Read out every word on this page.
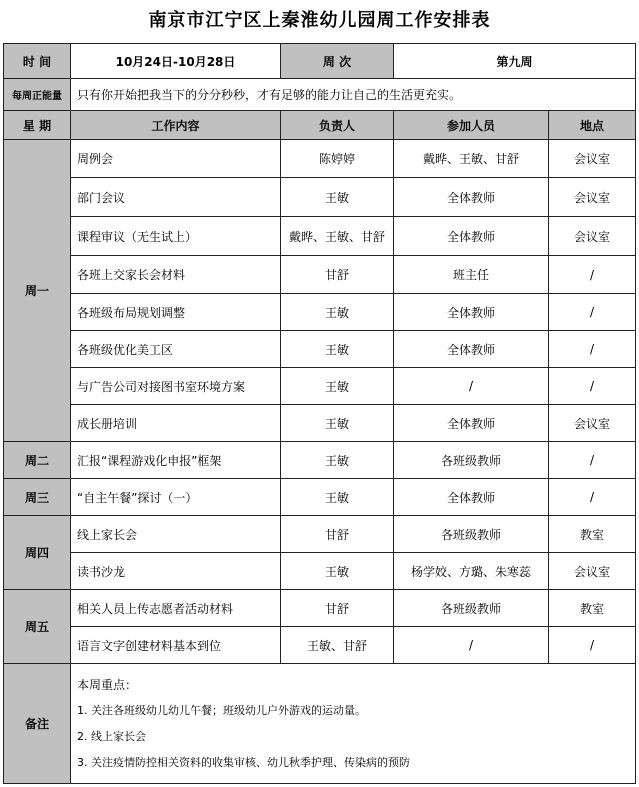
南京市江宁区上秦淮幼儿园周工作安排表
时 间	10月24日-10月28日	周 次	第九周	
每周正能量	只有你开始把我当下的分分秒秒，才有足够的能力让自己的生活更充实。			
星 期	工作内容	负责人	参加人员	地点
周一	周例会	陈婷婷	戴晔、王敏、甘舒	会议室
	部门会议	王敏	全体教师	会议室
	课程审议（无生试上）	戴晔、王敏、甘舒	全体教师	会议室
	各班上交家长会材料	甘舒	班主任	/
	各班级布局规划调整	王敏	全体教师	/
	各班级优化美工区	王敏	全体教师	/
	与广告公司对接图书室环境方案	王敏	/	/
	成长册培训	王敏	全体教师	会议室
周二	汇报“课程游戏化申报”框架	王敏	各班级教师	/
周三	“自主午餐”探讨（一）	王敏	全体教师	/
周四	线上家长会	甘舒	各班级教师	教室
	读书沙龙	王敏	杨学姣、方璐、朱寒蕊	会议室
周五	相关人员上传志愿者活动材料	甘舒	各班级教师	教室
	语言文字创建材料基本到位	王敏、甘舒	/	/
备注	本周重点：
1. 关注各班级幼儿幼儿午餐；班级幼儿户外游戏的运动量。
2. 线上家长会
3. 关注疫情防控相关资料的收集审核、幼儿秋季护理、传染病的预防			
